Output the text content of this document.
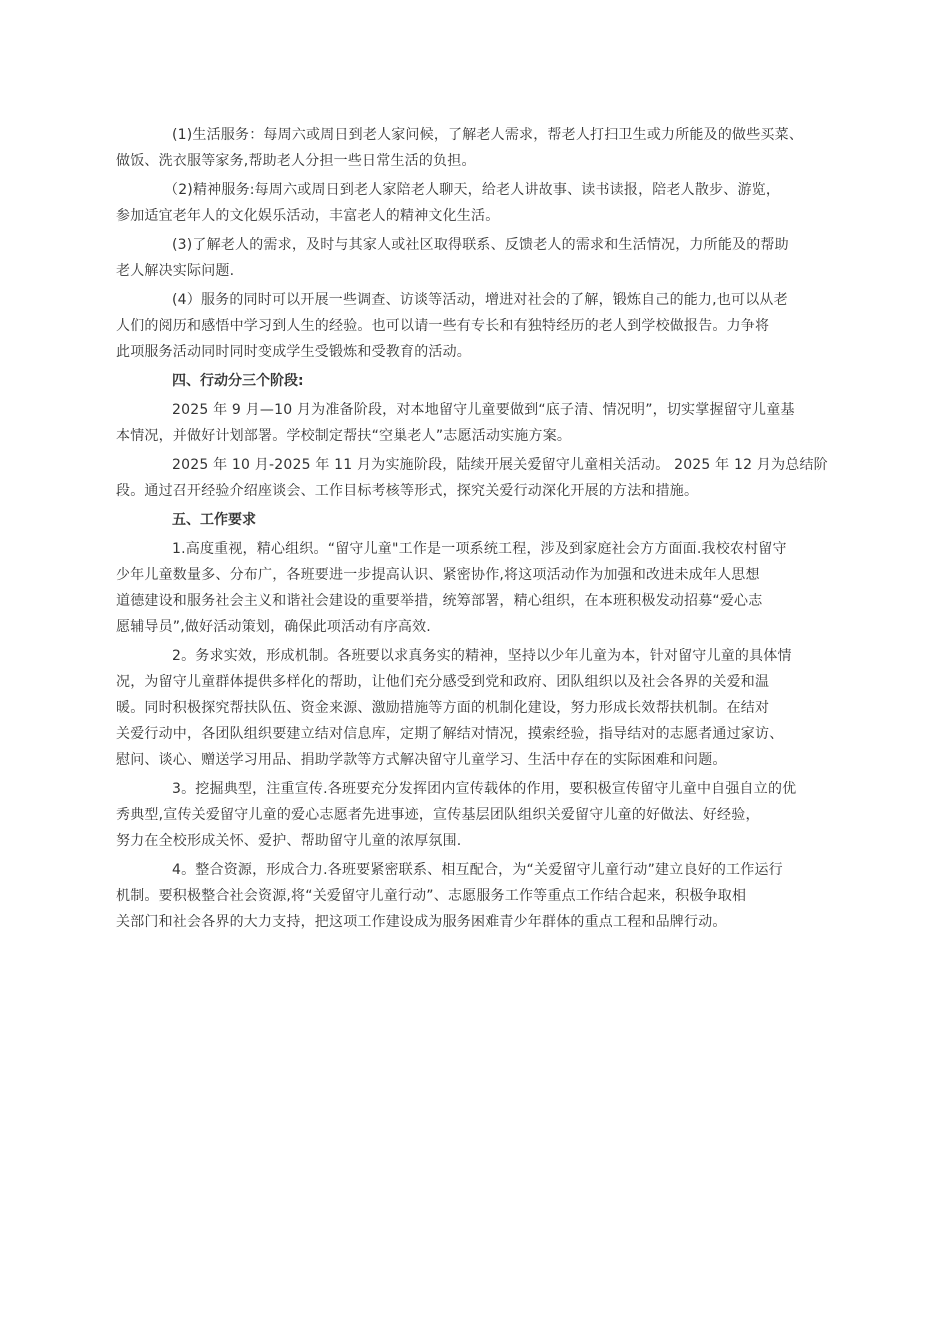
(1)生活服务：每周六或周日到老人家问候，了解老人需求，帮老人打扫卫生或力所能及的做些买菜、
做饭、洗衣服等家务,帮助老人分担一些日常生活的负担。
（2)精神服务:每周六或周日到老人家陪老人聊天，给老人讲故事、读书读报，陪老人散步、游览，
参加适宜老年人的文化娱乐活动，丰富老人的精神文化生活。
(3)了解老人的需求，及时与其家人或社区取得联系、反馈老人的需求和生活情况，力所能及的帮助
老人解决实际问题.
(4）服务的同时可以开展一些调查、访谈等活动，增进对社会的了解，锻炼自己的能力,也可以从老
人们的阅历和感悟中学习到人生的经验。也可以请一些有专长和有独特经历的老人到学校做报告。力争将
此项服务活动同时同时变成学生受锻炼和受教育的活动。
四、行动分三个阶段:
2025 年 9 月—10 月为准备阶段，对本地留守儿童要做到“底子清、情况明”，切实掌握留守儿童基
本情况，并做好计划部署。学校制定帮扶“空巢老人”志愿活动实施方案。
2025 年 10 月-2025 年 11 月为实施阶段，陆续开展关爱留守儿童相关活动。 2025 年 12 月为总结阶
段。通过召开经验介绍座谈会、工作目标考核等形式，探究关爱行动深化开展的方法和措施。
五、工作要求
1.高度重视，精心组织。“留守儿童"工作是一项系统工程，涉及到家庭社会方方面面.我校农村留守
少年儿童数量多、分布广，各班要进一步提高认识、紧密协作,将这项活动作为加强和改进未成年人思想
道德建设和服务社会主义和谐社会建设的重要举措，统筹部署，精心组织，在本班积极发动招募“爱心志
愿辅导员”,做好活动策划，确保此项活动有序高效.
2。务求实效，形成机制。各班要以求真务实的精神，坚持以少年儿童为本，针对留守儿童的具体情
况，为留守儿童群体提供多样化的帮助，让他们充分感受到党和政府、团队组织以及社会各界的关爱和温
暖。同时积极探究帮扶队伍、资金来源、激励措施等方面的机制化建设，努力形成长效帮扶机制。在结对
关爱行动中，各团队组织要建立结对信息库，定期了解结对情况，摸索经验，指导结对的志愿者通过家访、
慰问、谈心、赠送学习用品、捐助学款等方式解决留守儿童学习、生活中存在的实际困难和问题。
3。挖掘典型，注重宣传.各班要充分发挥团内宣传载体的作用，要积极宣传留守儿童中自强自立的优
秀典型,宣传关爱留守儿童的爱心志愿者先进事迹，宣传基层团队组织关爱留守儿童的好做法、好经验，
努力在全校形成关怀、爱护、帮助留守儿童的浓厚氛围.
4。整合资源，形成合力.各班要紧密联系、相互配合，为“关爱留守儿童行动”建立良好的工作运行
机制。要积极整合社会资源,将“关爱留守儿童行动”、志愿服务工作等重点工作结合起来，积极争取相
关部门和社会各界的大力支持，把这项工作建设成为服务困难青少年群体的重点工程和品牌行动。
